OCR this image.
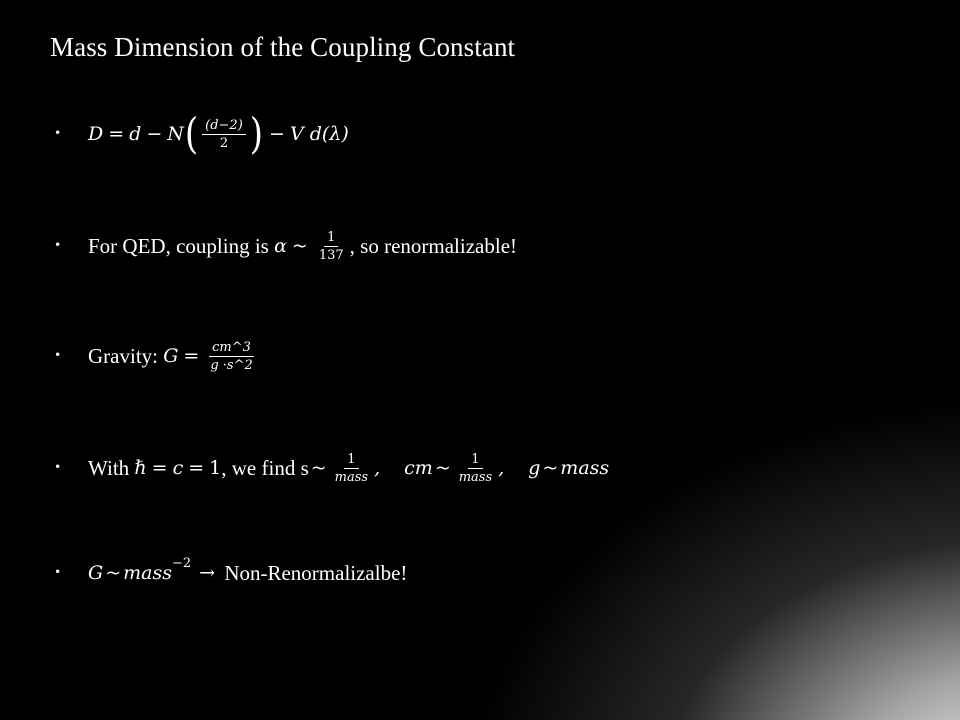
Mass Dimension of the Coupling Constant
• D = d − N ( $\frac{(d-2)}{2}$ ) − V d(λ)
• For QED, coupling is α ~ $\frac{1}{137}$ , so renormalizable!
• Gravity: $G = \frac{cm\^{}3}{g \cdot s\^{}2}$
• With ℏ = c = 1 , we find s ~ $\frac{1}{\text{mass}}$ , cm ~ $\frac{1}{\text{mass}}$ , g ~ mass
• G ~ mass −2 → Non-Renormalizalbe!
